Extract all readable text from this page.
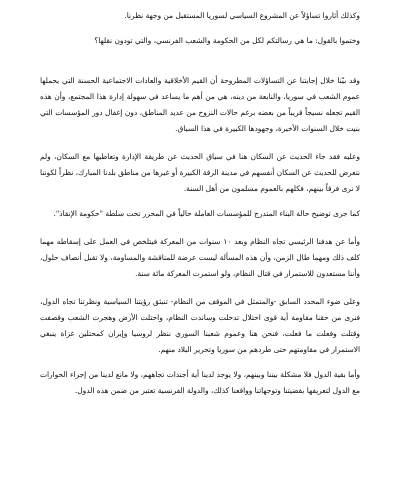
وكذلك أثاروا تساؤلاً عن المشروع السياسي لسوريا المستقبل من وجهة نظرنا.

وختموا بالقول: ما هي رسالتكم لكل من الحكومة والشعب الفرنسي، والتي تودون نقلها؟

وقد بيّنا خلال إجابتنا عن التساؤلات المطروحة أن القيم الأخلاقية والعادات الاجتماعية الحسنة التي يحملها عموم الشعب في سوريا، والنابعة من دينه، هي من أهم ما يساعد في سهولة إدارة هذا المجتمع، وأن هذه القيم تجعله نسيجاً قريباً من بعضه برغم حالات النزوح من عديد المناطق، دون إغفال دور المؤسسات التي بنيت خلال السنوات الأخيرة، وجهودها الكبيرة في هذا السياق.

وعليه فقد جاء الحديث عن السكان هنا في سياق الحديث عن طريقة الإدارة وتعاطيها مع السكان، ولم نتعرض للحديث عن السكان أنفسهم في مدينة الرقة الكبيرة أو غيرها من مناطق بلدنا المبارك، نظراً لكوننا لا نرى فرقاً بينهم، فكلهم بالعموم مسلمون من أهل السنة.

كما جرى توضيح حالة البناء المتدرج للمؤسسات العاملة حالياً في المحرر تحت سلطة "حكومة الإنقاذ".

وأما عن هدفنا الرئيسي تجاه النظام وبعد ١٠ سنوات من المعركة فيتلخص في العمل على إسقاطه مهما كلف ذلك ومهما طال الزمن، وأن هذه المسألة ليست عرضة للمناقشة والمساومة، ولا تقبل أنصاف حلول، وأننا مستعدون للاستمرار في قتال النظام، ولو استمرت المعركة مائة سنة.

وعلى ضوء المحدد السابق -والمتمثل في الموقف من النظام- تنبثق رؤيتنا السياسية ونظرتنا تجاه الدول، فنرى من حقنا مقاومة أية قوى احتلال تدخلت وساندت النظام، واحتلت الأرض وهجرت الشعب وقصفت وقتلت وفعلت ما فعلت، فنحن هنا وعموم شعبنا السوري ننظر لروسيا وإيران كمحتلين غزاة ينبغي الاستمرار في مقاومتهم حتى طردهم من سوريا وتحرير البلاد منهم.

وأما بقية الدول فلا مشكلة بيننا وبينهم، ولا يوجد لدينا أية أجندات تجاههم، ولا مانع لدينا من إجراء الحوارات مع الدول لتعريفها بقضيتنا وتوجهاتنا وواقعنا كذلك، والدولة الفرنسية تعتبر من ضمن هذه الدول.
